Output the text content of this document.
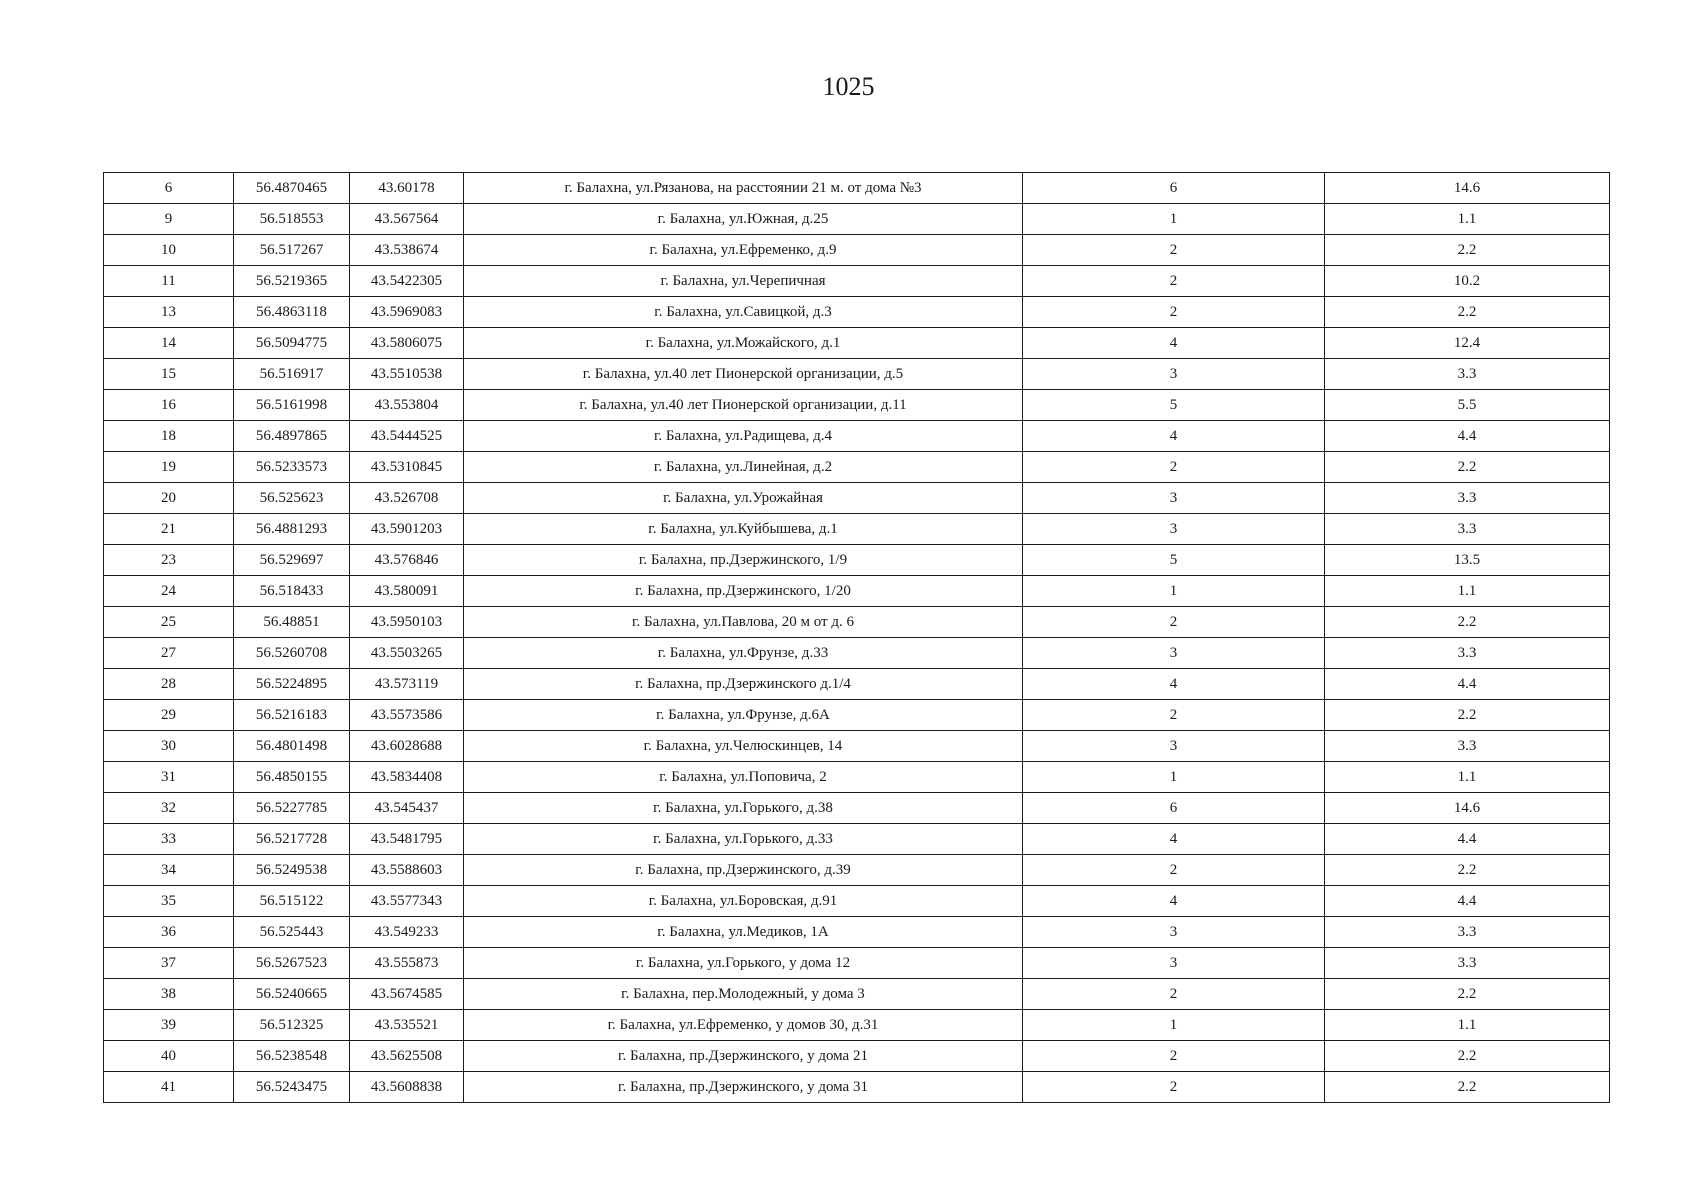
1025
6	56.4870465	43.60178	г. Балахна, ул.Рязанова, на расстоянии 21 м. от дома №3	6	14.6
9	56.518553	43.567564	г. Балахна, ул.Южная, д.25	1	1.1
10	56.517267	43.538674	г. Балахна, ул.Ефременко, д.9	2	2.2
11	56.5219365	43.5422305	г. Балахна, ул.Черепичная	2	10.2
13	56.4863118	43.5969083	г. Балахна, ул.Савицкой, д.3	2	2.2
14	56.5094775	43.5806075	г. Балахна, ул.Можайского, д.1	4	12.4
15	56.516917	43.5510538	г. Балахна, ул.40 лет Пионерской организации, д.5	3	3.3
16	56.5161998	43.553804	г. Балахна, ул.40 лет Пионерской организации, д.11	5	5.5
18	56.4897865	43.5444525	г. Балахна, ул.Радищева, д.4	4	4.4
19	56.5233573	43.5310845	г. Балахна, ул.Линейная, д.2	2	2.2
20	56.525623	43.526708	г. Балахна, ул.Урожайная	3	3.3
21	56.4881293	43.5901203	г. Балахна, ул.Куйбышева, д.1	3	3.3
23	56.529697	43.576846	г. Балахна, пр.Дзержинского, 1/9	5	13.5
24	56.518433	43.580091	г. Балахна, пр.Дзержинского, 1/20	1	1.1
25	56.48851	43.5950103	г. Балахна, ул.Павлова, 20 м от д. 6	2	2.2
27	56.5260708	43.5503265	г. Балахна, ул.Фрунзе, д.33	3	3.3
28	56.5224895	43.573119	г. Балахна, пр.Дзержинского д.1/4	4	4.4
29	56.5216183	43.5573586	г. Балахна, ул.Фрунзе, д.6А	2	2.2
30	56.4801498	43.6028688	г. Балахна, ул.Челюскинцев, 14	3	3.3
31	56.4850155	43.5834408	г. Балахна, ул.Поповича, 2	1	1.1
32	56.5227785	43.545437	г. Балахна, ул.Горького, д.38	6	14.6
33	56.5217728	43.5481795	г. Балахна, ул.Горького, д.33	4	4.4
34	56.5249538	43.5588603	г. Балахна, пр.Дзержинского, д.39	2	2.2
35	56.515122	43.5577343	г. Балахна, ул.Боровская, д.91	4	4.4
36	56.525443	43.549233	г. Балахна, ул.Медиков, 1А	3	3.3
37	56.5267523	43.555873	г. Балахна, ул.Горького, у дома 12	3	3.3
38	56.5240665	43.5674585	г. Балахна, пер.Молодежный, у дома 3	2	2.2
39	56.512325	43.535521	г. Балахна, ул.Ефременко, у домов 30, д.31	1	1.1
40	56.5238548	43.5625508	г. Балахна, пр.Дзержинского, у дома 21	2	2.2
41	56.5243475	43.5608838	г. Балахна, пр.Дзержинского, у дома 31	2	2.2
